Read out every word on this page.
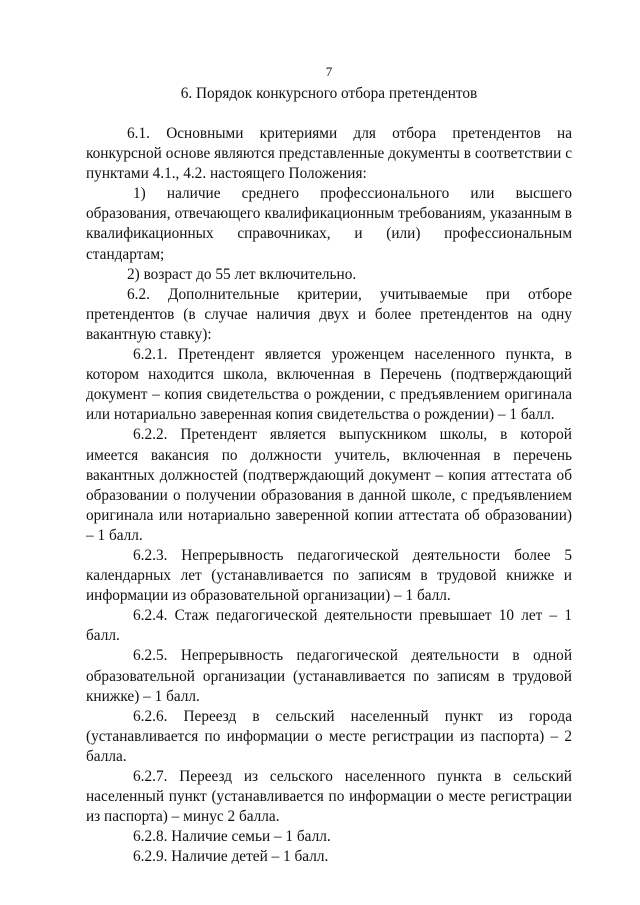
7

6. Порядок конкурсного отбора претендентов

6.1. Основными критериями для отбора претендентов на конкурсной основе являются представленные документы в соответствии с пунктами 4.1., 4.2. настоящего Положения:

1) наличие среднего профессионального или высшего образования, отвечающего квалификационным требованиям, указанным в квалификационных справочниках, и (или) профессиональным стандартам;

2) возраст до 55 лет включительно.

6.2. Дополнительные критерии, учитываемые при отборе претендентов (в случае наличия двух и более претендентов на одну вакантную ставку):

6.2.1. Претендент является уроженцем населенного пункта, в котором находится школа, включенная в Перечень (подтверждающий документ – копия свидетельства о рождении, с предъявлением оригинала или нотариально заверенная копия свидетельства о рождении) – 1 балл.

6.2.2. Претендент является выпускником школы, в которой имеется вакансия по должности учитель, включенная в перечень вакантных должностей (подтверждающий документ – копия аттестата об образовании о получении образования в данной школе, с предъявлением оригинала или нотариально заверенной копии аттестата об образовании) – 1 балл.

6.2.3. Непрерывность педагогической деятельности более 5 календарных лет (устанавливается по записям в трудовой книжке и информации из образовательной организации) – 1 балл.

6.2.4. Стаж педагогической деятельности превышает 10 лет – 1 балл.

6.2.5. Непрерывность педагогической деятельности в одной образовательной организации (устанавливается по записям в трудовой книжке) – 1 балл.

6.2.6. Переезд в сельский населенный пункт из города (устанавливается по информации о месте регистрации из паспорта) – 2 балла.

6.2.7. Переезд из сельского населенного пункта в сельский населенный пункт (устанавливается по информации о месте регистрации из паспорта) – минус 2 балла.

6.2.8. Наличие семьи – 1 балл.

6.2.9. Наличие детей – 1 балл.
